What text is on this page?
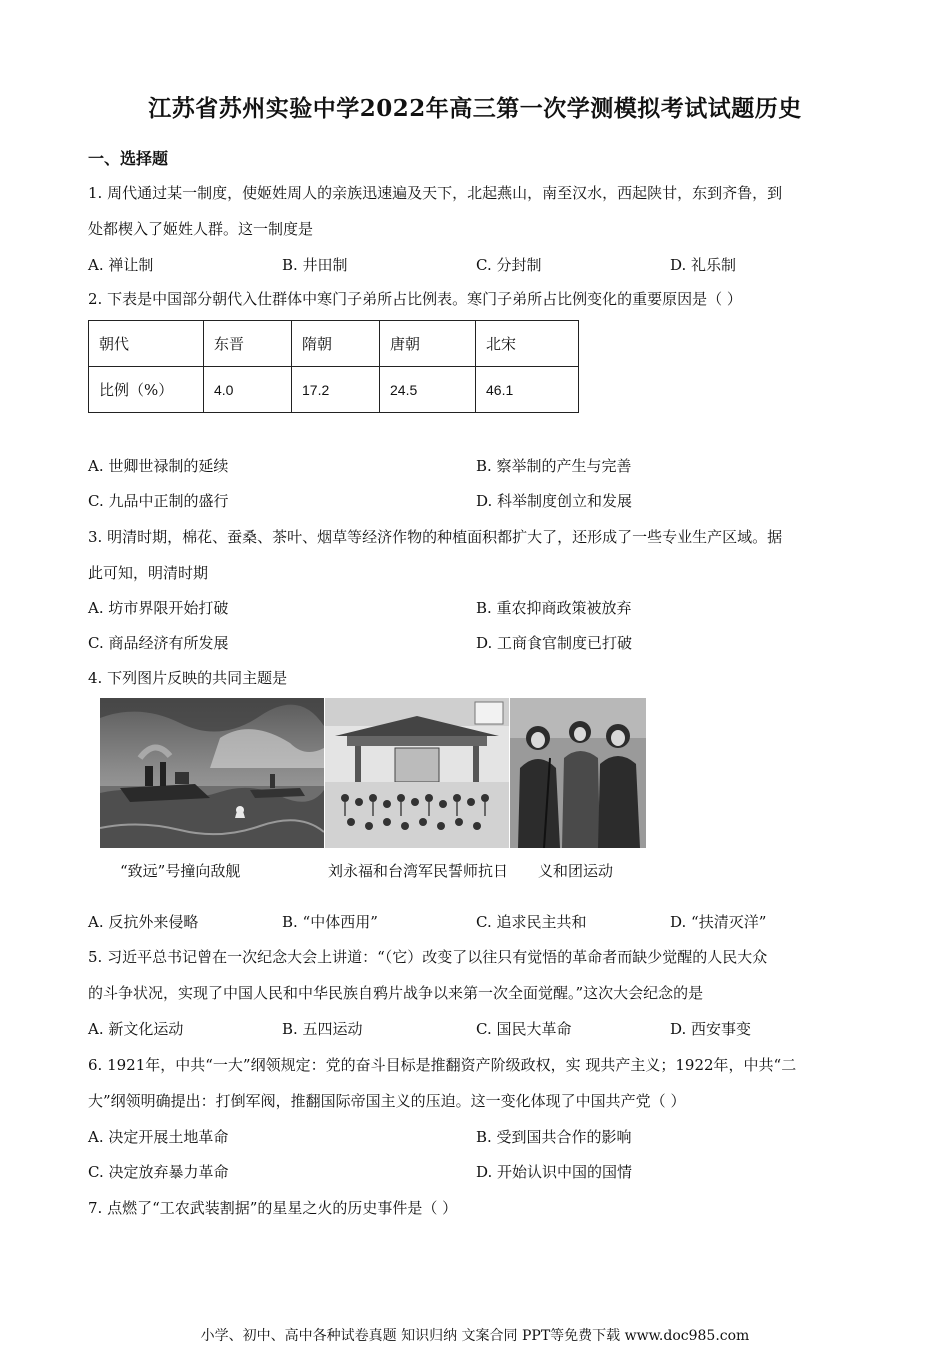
江苏省苏州实验中学2022年高三第一次学测模拟考试试题历史
一、选择题
1. 周代通过某一制度，使姬姓周人的亲族迅速遍及天下，北起燕山，南至汉水，西起陕甘，东到齐鲁，到
处都楔入了姬姓人群。这一制度是
A. 禅让制	B. 井田制	C. 分封制	D. 礼乐制
2. 下表是中国部分朝代入仕群体中寒门子弟所占比例表。寒门子弟所占比例变化的重要原因是（ ）
朝代	东晋	隋朝	唐朝	北宋
比例（%）	4.0	17.2	24.5	46.1
A. 世卿世禄制的延续	B. 察举制的产生与完善
C. 九品中正制的盛行	D. 科举制度创立和发展
3. 明清时期，棉花、蚕桑、茶叶、烟草等经济作物的种植面积都扩大了，还形成了一些专业生产区域。据
此可知，明清时期
A. 坊市界限开始打破	B. 重农抑商政策被放弃
C. 商品经济有所发展	D. 工商食官制度已打破
4. 下列图片反映的共同主题是
“致远”号撞向敌舰	刘永福和台湾军民誓师抗日 义和团运动
A. 反抗外来侵略	B. “中体西用”	C. 追求民主共和	D. “扶清灭洋”
5. 习近平总书记曾在一次纪念大会上讲道：“（它）改变了以往只有觉悟的革命者而缺少觉醒的人民大众
的斗争状况，实现了中国人民和中华民族自鸦片战争以来第一次全面觉醒。”这次大会纪念的是
A. 新文化运动	B. 五四运动	C. 国民大革命	D. 西安事变
6. 1921年，中共“一大”纲领规定：党的奋斗目标是推翻资产阶级政权，实 现共产主义；1922年，中共“二
大”纲领明确提出：打倒军阀，推翻国际帝国主义的压迫。这一变化体现了中国共产党（ ）
A. 决定开展土地革命	B. 受到国共合作的影响
C. 决定放弃暴力革命	D. 开始认识中国的国情
7. 点燃了“工农武装割据”的星星之火的历史事件是（ ）
小学、初中、高中各种试卷真题 知识归纳 文案合同 PPT等免费下载 www.doc985.com
